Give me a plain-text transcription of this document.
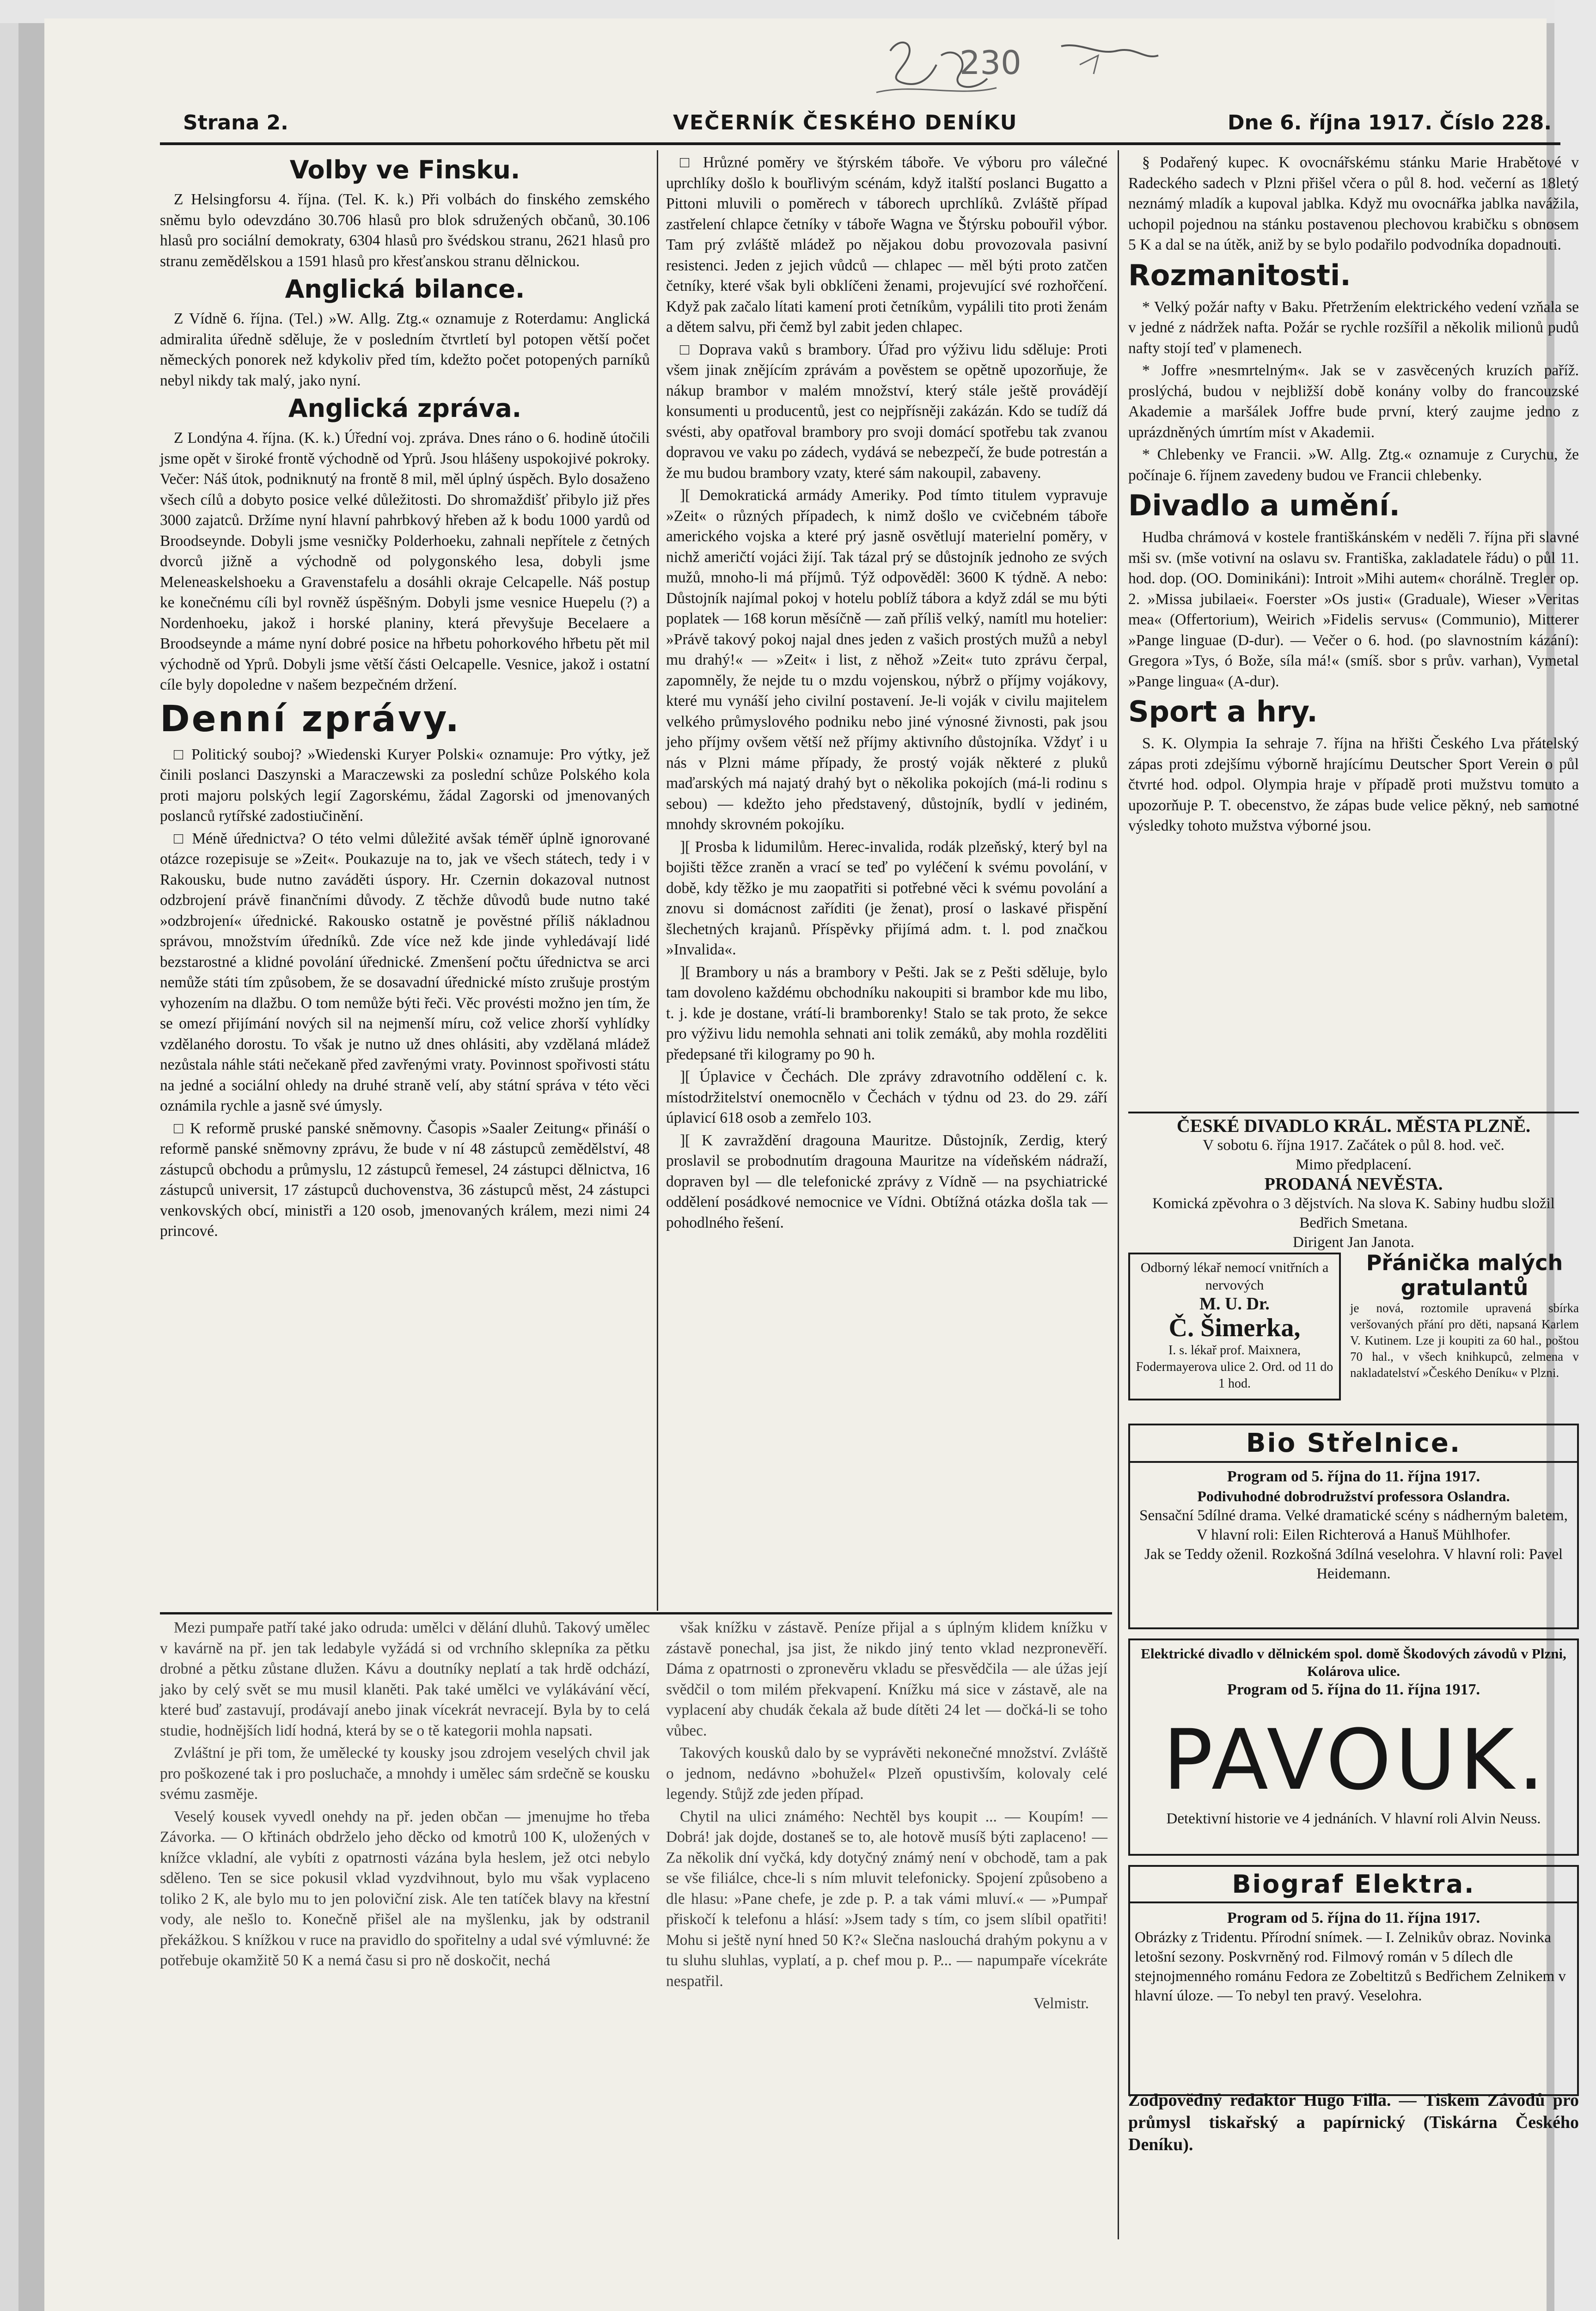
230
Strana 2.	VEČERNÍK ČESKÉHO DENÍKU	Dne 6. října 1917. Číslo 228.
Volby ve Finsku.

Z Helsingforsu 4. října. (Tel. K. k.) Při volbách do finského zemského sněmu bylo odevzdáno 30.706 hlasů pro blok sdružených občanů, 30.106 hlasů pro sociální demokraty, 6304 hlasů pro švédskou stranu, 2621 hlasů pro stranu zemědělskou a 1591 hlasů pro křesťanskou stranu dělnickou.

Anglická bilance.

Z Vídně 6. října. (Tel.) »W. Allg. Ztg.« oznamuje z Roterdamu: Anglická admiralita úředně sděluje, že v posledním čtvrtletí byl potopen větší počet německých ponorek než kdykoliv před tím, kdežto počet potopených parníků nebyl nikdy tak malý, jako nyní.

Anglická zpráva.

Z Londýna 4. října. (K. k.) Úřední voj. zpráva. Dnes ráno o 6. hodině útočili jsme opět v široké frontě východně od Yprů. Jsou hlášeny uspokojivé pokroky. Večer: Náš útok, podniknutý na frontě 8 mil, měl úplný úspěch. Bylo dosaženo všech cílů a dobyto posice velké důležitosti. Do shromaždišť přibylo již přes 3000 zajatců. Držíme nyní hlavní pahrbkový hřeben až k bodu 1000 yardů od Broodseynde. Dobyli jsme vesničky Polderhoeku, zahnali nepřítele z četných dvorců jižně a východně od polygonského lesa, dobyli jsme Meleneaskelshoeku a Gravenstafelu a dosáhli okraje Celcapelle. Náš postup ke konečnému cíli byl rovněž úspěšným. Dobyli jsme vesnice Huepelu (?) a Nordenhoeku, jakož i horské planiny, která převyšuje Becelaere a Broodseynde a máme nyní dobré posice na hřbetu pohorkového hřbetu pět mil východně od Yprů. Dobyli jsme větší části Oelcapelle. Vesnice, jakož i ostatní cíle byly dopoledne v našem bezpečném držení.

Denní zprávy.

□ Politický souboj? »Wiedenski Kuryer Polski« oznamuje: Pro výtky, jež činili poslanci Daszynski a Maraczewski za poslední schůze Polského kola proti majoru polských legií Zagorskému, žádal Zagorski od jmenovaných poslanců rytířské zadostiučinění.

□ Méně úřednictva? O této velmi důležité avšak téměř úplně ignorované otázce rozepisuje se »Zeit«. Poukazuje na to, jak ve všech státech, tedy i v Rakousku, bude nutno zaváděti úspory. Hr. Czernin dokazoval nutnost odzbrojení právě finančními důvody. Z těchže důvodů bude nutno také »odzbrojení« úřednické. Rakousko ostatně je pověstné příliš nákladnou správou, množstvím úředníků. Zde více než kde jinde vyhledávají lidé bezstarostné a klidné povolání úřednické. Zmenšení počtu úřednictva se arci nemůže státi tím způsobem, že se dosavadní úřednické místo zrušuje prostým vyhozením na dlažbu. O tom nemůže býti řeči. Věc provésti možno jen tím, že se omezí přijímání nových sil na nejmenší míru, což velice zhorší vyhlídky vzdělaného dorostu. To však je nutno už dnes ohlásiti, aby vzdělaná mládež nezůstala náhle státi nečekaně před zavřenými vraty. Povinnost spořivosti státu na jedné a sociální ohledy na druhé straně velí, aby státní správa v této věci oznámila rychle a jasně své úmysly.

□ K reformě pruské panské sněmovny. Časopis »Saaler Zeitung« přináší o reformě panské sněmovny zprávu, že bude v ní 48 zástupců zemědělství, 48 zástupců obchodu a průmyslu, 12 zástupců řemesel, 24 zástupci dělnictva, 16 zástupců universit, 17 zástupců duchovenstva, 36 zástupců měst, 24 zástupci venkovských obcí, ministři a 120 osob, jmenovaných králem, mezi nimi 24 princové.

□ Hrůzné poměry ve štýrském táboře. Ve výboru pro válečné uprchlíky došlo k bouřlivým scénám, když italští poslanci Bugatto a Pittoni mluvili o poměrech v táborech uprchlíků. Zvláště případ zastřelení chlapce četníky v táboře Wagna ve Štýrsku pobouřil výbor. Tam prý zvláště mládež po nějakou dobu provozovala pasivní resistenci. Jeden z jejich vůdců — chlapec — měl býti proto zatčen četníky, které však byli obklíčeni ženami, projevující své rozhořčení. Když pak začalo lítati kamení proti četníkům, vypálili tito proti ženám a dětem salvu, při čemž byl zabit jeden chlapec.

□ Doprava vaků s brambory. Úřad pro výživu lidu sděluje: Proti všem jinak znějícím zprávám a pověstem se opětně upozorňuje, že nákup brambor v malém množství, který stále ještě provádějí konsumenti u producentů, jest co nejpřísněji zakázán. Kdo se tudíž dá svésti, aby opatřoval brambory pro svoji domácí spotřebu tak zvanou dopravou ve vaku po zádech, vydává se nebezpečí, že bude potrestán a že mu budou brambory vzaty, které sám nakoupil, zabaveny.

][ Demokratická armády Ameriky. Pod tímto titulem vypravuje »Zeit« o různých případech, k nimž došlo ve cvičebném táboře amerického vojska a které prý jasně osvětlují materielní poměry, v nichž američtí vojáci žijí. Tak tázal prý se důstojník jednoho ze svých mužů, mnoho-li má příjmů. Týž odpověděl: 3600 K týdně. A nebo: Důstojník najímal pokoj v hotelu poblíž tábora a když zdál se mu býti poplatek — 168 korun měsíčně — zaň příliš velký, namítl mu hotelier: »Právě takový pokoj najal dnes jeden z vašich prostých mužů a nebyl mu drahý!« — »Zeit« i list, z něhož »Zeit« tuto zprávu čerpal, zapomněly, že nejde tu o mzdu vojenskou, nýbrž o příjmy vojákovy, které mu vynáší jeho civilní postavení. Je-li voják v civilu majitelem velkého průmyslového podniku nebo jiné výnosné živnosti, pak jsou jeho příjmy ovšem větší než příjmy aktivního důstojníka. Vždyť i u nás v Plzni máme případy, že prostý voják některé z pluků maďarských má najatý drahý byt o několika pokojích (má-li rodinu s sebou) — kdežto jeho představený, důstojník, bydlí v jediném, mnohdy skrovném pokojíku.

][ Prosba k lidumilům. Herec-invalida, rodák plzeňský, který byl na bojišti těžce zraněn a vrací se teď po vyléčení k svému povolání, v době, kdy těžko je mu zaopatřiti si potřebné věci k svému povolání a znovu si domácnost zaříditi (je ženat), prosí o laskavé přispění šlechetných krajanů. Příspěvky přijímá adm. t. l. pod značkou »Invalida«.

][ Brambory u nás a brambory v Pešti. Jak se z Pešti sděluje, bylo tam dovoleno každému obchodníku nakoupiti si brambor kde mu libo, t. j. kde je dostane, vrátí-li bramborenky! Stalo se tak proto, že sekce pro výživu lidu nemohla sehnati ani tolik zemáků, aby mohla rozděliti předepsané tři kilogramy po 90 h.

][ Úplavice v Čechách. Dle zprávy zdravotního oddělení c. k. místodržitelství onemocnělo v Čechách v týdnu od 23. do 29. září úplavicí 618 osob a zemřelo 103.

][ K zavraždění dragouna Mauritze. Důstojník, Zerdig, který proslavil se probodnutím dragouna Mauritze na vídeňském nádraží, dopraven byl — dle telefonické zprávy z Vídně — na psychiatrické oddělení posádkové nemocnice ve Vídni. Obtížná otázka došla tak — pohodlného řešení.

§ Podařený kupec. K ovocnářskému stánku Marie Hrabětové v Radeckého sadech v Plzni přišel včera o půl 8. hod. večerní as 18letý neznámý mladík a kupoval jablka. Když mu ovocnářka jablka navážila, uchopil pojednou na stánku postavenou plechovou krabičku s obnosem 5 K a dal se na útěk, aniž by se bylo podařilo podvodníka dopadnouti.

Rozmanitosti.

* Velký požár nafty v Baku. Přetržením elektrického vedení vzňala se v jedné z nádržek nafta. Požár se rychle rozšířil a několik milionů pudů nafty stojí teď v plamenech.

* Joffre »nesmrtelným«. Jak se v zasvěcených kruzích paříž. proslýchá, budou v nejbližší době konány volby do francouzské Akademie a maršálek Joffre bude první, který zaujme jedno z uprázdněných úmrtím míst v Akademii.

* Chlebenky ve Francii. »W. Allg. Ztg.« oznamuje z Curychu, že počínaje 6. říjnem zavedeny budou ve Francii chlebenky.

Divadlo a umění.

Hudba chrámová v kostele františkánském v neděli 7. října při slavné mši sv. (mše votivní na oslavu sv. Františka, zakladatele řádu) o půl 11. hod. dop. (OO. Dominikáni): Introit »Mihi autem« chorálně. Tregler op. 2. »Missa jubilaei«. Foerster »Os justi« (Graduale), Wieser »Veritas mea« (Offertorium), Weirich »Fidelis servus« (Communio), Mitterer »Pange linguae (D-dur). — Večer o 6. hod. (po slavnostním kázání): Gregora »Tys, ó Bože, síla má!« (smíš. sbor s prův. varhan), Vymetal »Pange lingua« (A-dur).

Sport a hry.

S. K. Olympia Ia sehraje 7. října na hřišti Českého Lva přátelský zápas proti zdejšímu výborně hrajícímu Deutscher Sport Verein o půl čtvrté hod. odpol. Olympia hraje v případě proti mužstvu tomuto a upozorňuje P. T. obecenstvo, že zápas bude velice pěkný, neb samotné výsledky tohoto mužstva výborné jsou.

Mezi pumpaře patří také jako odruda: umělci v dělání dluhů. Takový umělec v kavárně na př. jen tak ledabyle vyžádá si od vrchního sklepníka za pětku drobné a pětku zůstane dlužen. Kávu a doutníky neplatí a tak hrdě odchází, jako by celý svět se mu musil klaněti. Pak také umělci ve vylákávání věcí, které buď zastavují, prodávají anebo jinak vícekrát nevracejí. Byla by to celá studie, hodnějších lidí hodná, která by se o tě kategorii mohla napsati.

Zvláštní je při tom, že umělecké ty kousky jsou zdrojem veselých chvil jak pro poškozené tak i pro posluchače, a mnohdy i umělec sám srdečně se kousku svému zasměje.

Veselý kousek vyvedl onehdy na př. jeden občan — jmenujme ho třeba Závorka. — O křtinách obdrželo jeho děcko od kmotrů 100 K, uložených v knížce vkladní, ale vybíti z opatrnosti vázána byla heslem, jež otci nebylo sděleno. Ten se sice pokusil vklad vyzdvihnout, bylo mu však vyplaceno toliko 2 K, ale bylo mu to jen poloviční zisk. Ale ten tatíček blavy na křestní vody, ale nešlo to. Konečně přišel ale na myšlenku, jak by odstranil překážkou. S knížkou v ruce na pravidlo do spořitelny a udal své výmluvné: že potřebuje okamžitě 50 K a nemá času si pro ně doskočit, nechá

však knížku v zástavě. Peníze přijal a s úplným klidem knížku v zástavě ponechal, jsa jist, že nikdo jiný tento vklad nezpronevěří. Dáma z opatrnosti o zpronevěru vkladu se přesvědčila — ale úžas její svědčil o tom milém překvapení. Knížku má sice v zástavě, ale na vyplacení aby chudák čekala až bude dítěti 24 let — dočká-li se toho vůbec.

Takových kousků dalo by se vyprávěti nekonečné množství. Zvláště o jednom, nedávno »bohužel« Plzeň opustivším, kolovaly celé legendy. Stůjž zde jeden případ.

Chytil na ulici známého: Nechtěl bys koupit ... — Koupím! — Dobrá! jak dojde, dostaneš se to, ale hotově musíš býti zaplaceno! — Za několik dní vyčká, kdy dotyčný známý není v obchodě, tam a pak se vše filiálce, chce-li s ním mluvit telefonicky. Spojení způsobeno a dle hlasu: »Pane chefe, je zde p. P. a tak vámi mluví.« — »Pumpař přiskočí k telefonu a hlásí: »Jsem tady s tím, co jsem slíbil opatřiti! Mohu si ještě nyní hned 50 K?« Slečna naslouchá drahým pokynu a v tu sluhu sluhlas, vyplatí, a p. chef mou p. P... — napumpaře vícekráte nespatřil.

Velmistr.
ČESKÉ DIVADLO KRÁL. MĚSTA PLZNĚ.
V sobotu 6. října 1917. Začátek o půl 8. hod. več.
Mimo předplacení.
PRODANÁ NEVĚSTA.
Komická zpěvohra o 3 dějstvích. Na slova K. Sabiny hudbu složil Bedřich Smetana.
Dirigent Jan Janota.
Odborný lékař nemocí vnitřních a nervových
M. U. Dr.
Č. Šimerka,
I. s. lékař prof. Maixnera, Fodermayerova ulice 2. Ord. od 11 do 1 hod.
Přánička malých gratulantů
je nová, roztomile upravená sbírka veršovaných přání pro děti, napsaná Karlem V. Kutinem. Lze ji koupiti za 60 hal., poštou 70 hal., v všech knihkupců, zelmena v nakladatelství »Českého Deníku« v Plzni.
Bio Střelnice.
Program od 5. října do 11. října 1917.
Podivuhodné dobrodružství professora Oslandra.
Sensační 5dílné drama. Velké dramatické scény s nádherným baletem, V hlavní roli: Eilen Richterová a Hanuš Mühlhofer.
Jak se Teddy oženil. Rozkošná 3dílná veselohra. V hlavní roli: Pavel Heidemann.
Elektrické divadlo v dělnickém spol. domě Škodových závodů v Plzni, Kolárova ulice.
Program od 5. října do 11. října 1917.
PAVOUK.
Detektivní historie ve 4 jednáních. V hlavní roli Alvin Neuss.
Biograf Elektra.
Program od 5. října do 11. října 1917.
Obrázky z Tridentu. Přírodní snímek. — I. Zelnikův obraz. Novinka letošní sezony. Poskvrněný rod. Filmový román v 5 dílech dle stejnojmenného románu Fedora ze Zobeltitzů s Bedřichem Zelnikem v hlavní úloze. — To nebyl ten pravý. Veselohra.
Zodpovědný redaktor Hugo Filla. — Tiskem Závodů pro průmysl tiskařský a papírnický (Tiskárna Českého Deníku).
